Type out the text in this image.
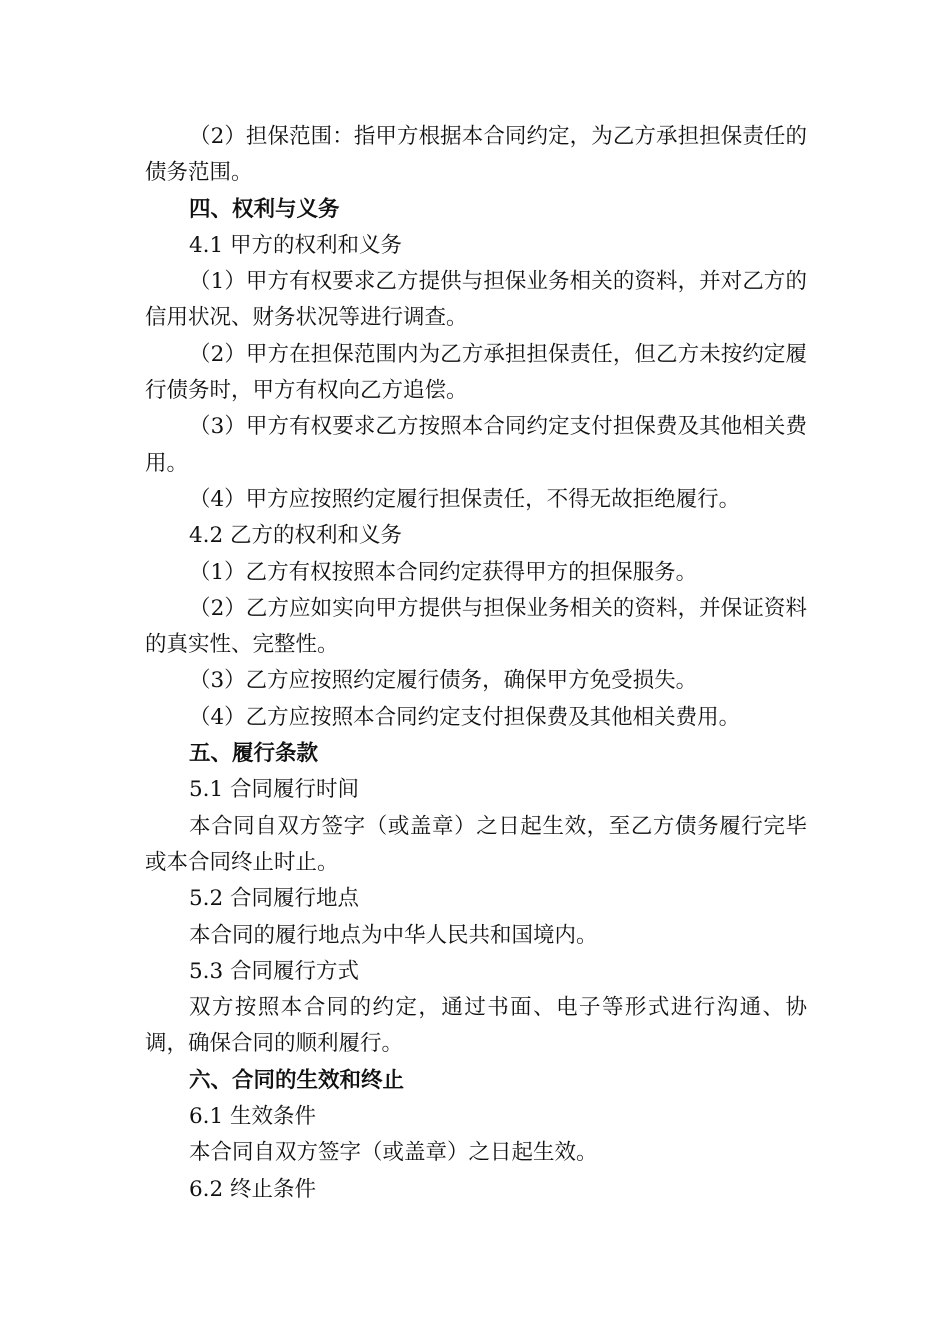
（2）担保范围：指甲方根据本合同约定，为乙方承担担保责任的债务范围。

四、权利与义务

4.1 甲方的权利和义务

（1）甲方有权要求乙方提供与担保业务相关的资料，并对乙方的信用状况、财务状况等进行调查。

（2）甲方在担保范围内为乙方承担担保责任，但乙方未按约定履行债务时，甲方有权向乙方追偿。

（3）甲方有权要求乙方按照本合同约定支付担保费及其他相关费用。

（4）甲方应按照约定履行担保责任，不得无故拒绝履行。

4.2 乙方的权利和义务

（1）乙方有权按照本合同约定获得甲方的担保服务。

（2）乙方应如实向甲方提供与担保业务相关的资料，并保证资料的真实性、完整性。

（3）乙方应按照约定履行债务，确保甲方免受损失。

（4）乙方应按照本合同约定支付担保费及其他相关费用。

五、履行条款

5.1 合同履行时间

本合同自双方签字（或盖章）之日起生效，至乙方债务履行完毕或本合同终止时止。

5.2 合同履行地点

本合同的履行地点为中华人民共和国境内。

5.3 合同履行方式

双方按照本合同的约定，通过书面、电子等形式进行沟通、协调，确保合同的顺利履行。

六、合同的生效和终止

6.1 生效条件

本合同自双方签字（或盖章）之日起生效。

6.2 终止条件
